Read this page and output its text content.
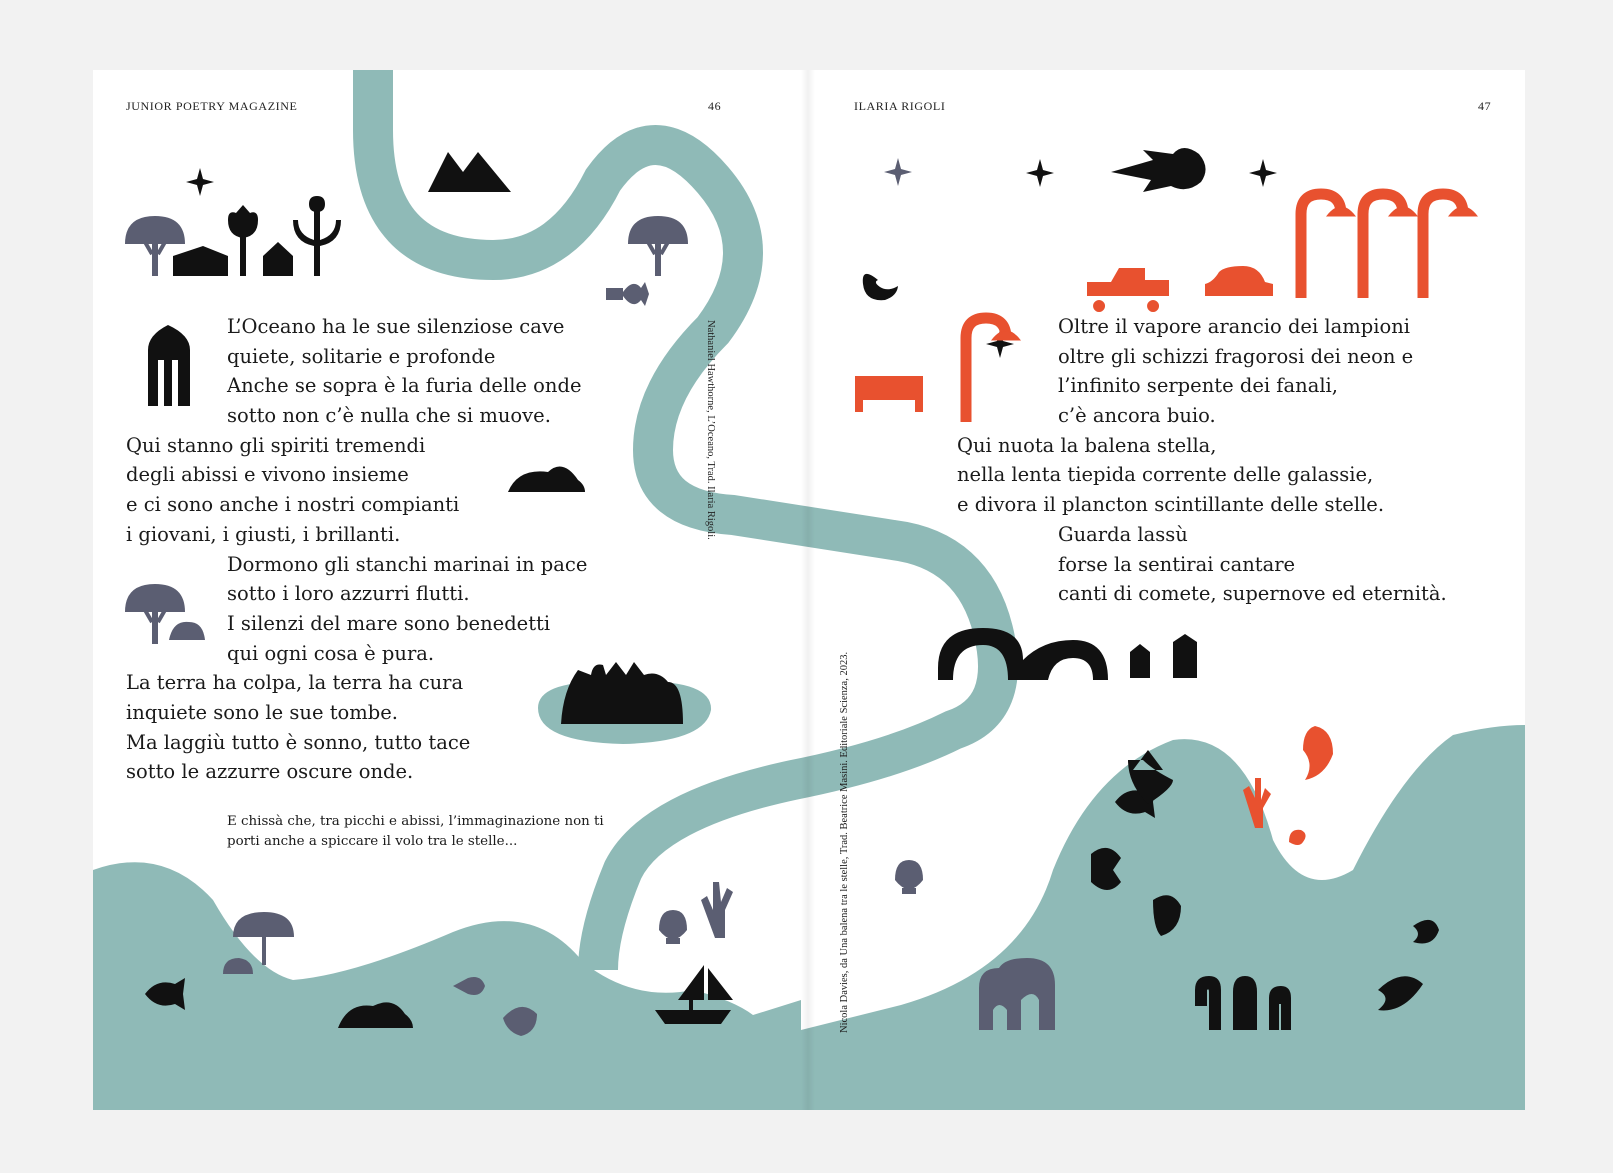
JUNIOR POETRY MAGAZINE	46
L’Oceano ha le sue silenziose cave
quiete, solitarie e profonde
Anche se sopra è la furia delle onde
sotto non c’è nulla che si muove.
Qui stanno gli spiriti tremendi
degli abissi e vivono insieme
e ci sono anche i nostri compianti
i giovani, i giusti, i brillanti.
Dormono gli stanchi marinai in pace
sotto i loro azzurri flutti.
I silenzi del mare sono benedetti
qui ogni cosa è pura.
La terra ha colpa, la terra ha cura
inquiete sono le sue tombe.
Ma laggiù tutto è sonno, tutto tace
sotto le azzurre oscure onde.
E chissà che, tra picchi e abissi, l’immaginazione non ti
porti anche a spiccare il volo tra le stelle...
Nathaniel Hawthorne, L’Oceano, Trad. Ilaria Rigoli.
ILARIA RIGOLI	47
Oltre il vapore arancio dei lampioni
oltre gli schizzi fragorosi dei neon e
l’infinito serpente dei fanali,
c’è ancora buio.
Qui nuota la balena stella,
nella lenta tiepida corrente delle galassie,
e divora il plancton scintillante delle stelle.
Guarda lassù
forse la sentirai cantare
canti di comete, supernove ed eternità.
Nicola Davies, da Una balena tra le stelle, Trad. Beatrice Masini. Editoriale Scienza, 2023.
